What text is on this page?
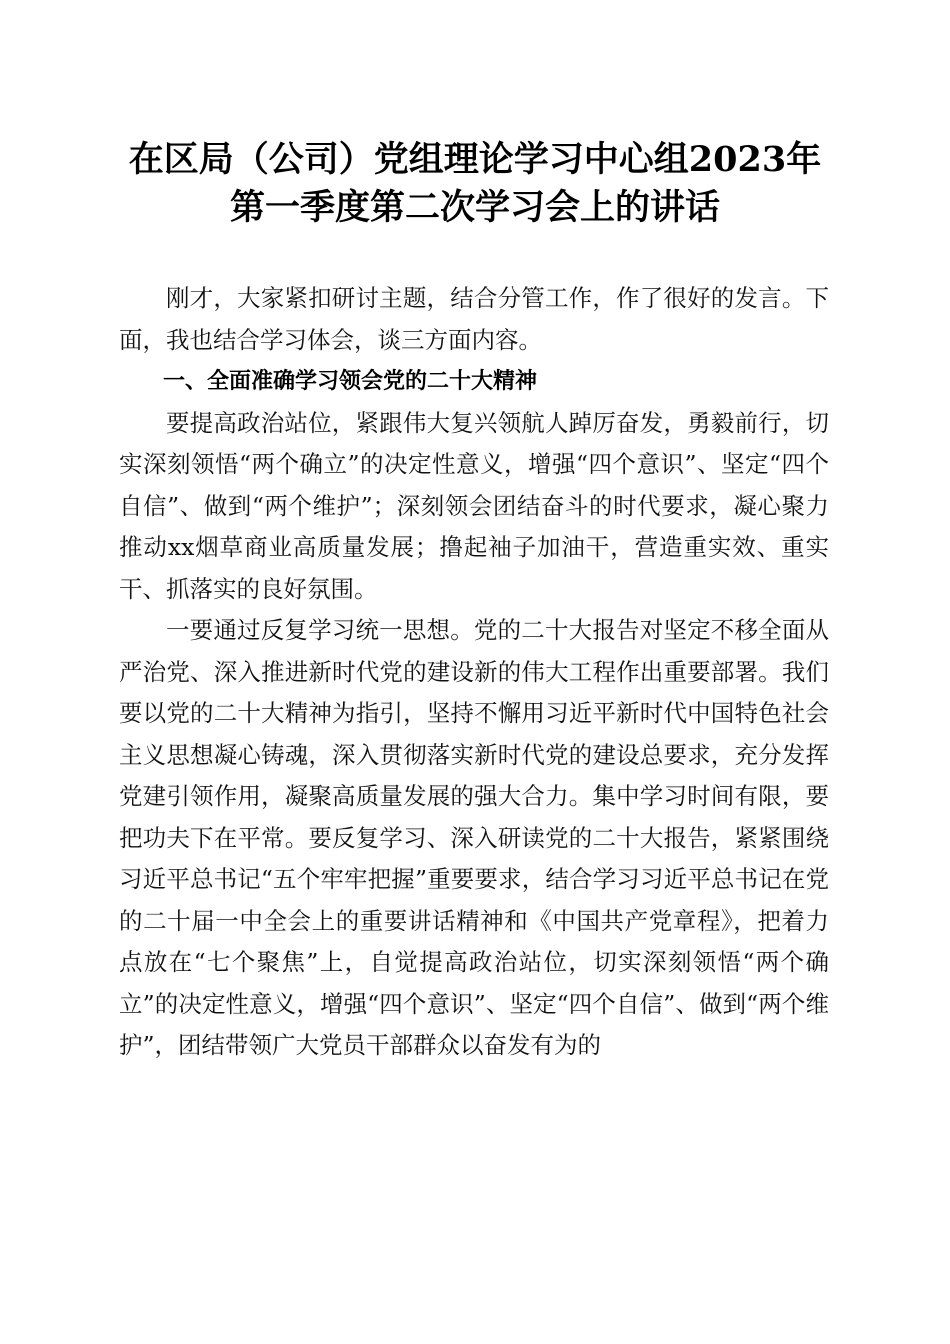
在区局（公司）党组理论学习中心组2023年
第一季度第二次学习会上的讲话

刚才，大家紧扣研讨主题，结合分管工作，作了很好的发言。下面，我也结合学习体会，谈三方面内容。

一、全面准确学习领会党的二十大精神

要提高政治站位，紧跟伟大复兴领航人踔厉奋发，勇毅前行，切实深刻领悟“两个确立”的决定性意义，增强“四个意识”、坚定“四个自信”、做到“两个维护”；深刻领会团结奋斗的时代要求，凝心聚力推动xx烟草商业高质量发展；撸起袖子加油干，营造重实效、重实干、抓落实的良好氛围。

一要通过反复学习统一思想。党的二十大报告对坚定不移全面从严治党、深入推进新时代党的建设新的伟大工程作出重要部署。我们要以党的二十大精神为指引，坚持不懈用习近平新时代中国特色社会主义思想凝心铸魂，深入贯彻落实新时代党的建设总要求，充分发挥党建引领作用，凝聚高质量发展的强大合力。集中学习时间有限，要把功夫下在平常。要反复学习、深入研读党的二十大报告，紧紧围绕习近平总书记“五个牢牢把握”重要要求，结合学习习近平总书记在党的二十届一中全会上的重要讲话精神和《中国共产党章程》，把着力点放在“七个聚焦”上，自觉提高政治站位，切实深刻领悟“两个确立”的决定性意义，增强“四个意识”、坚定“四个自信”、做到“两个维护”，团结带领广大党员干部群众以奋发有为的
